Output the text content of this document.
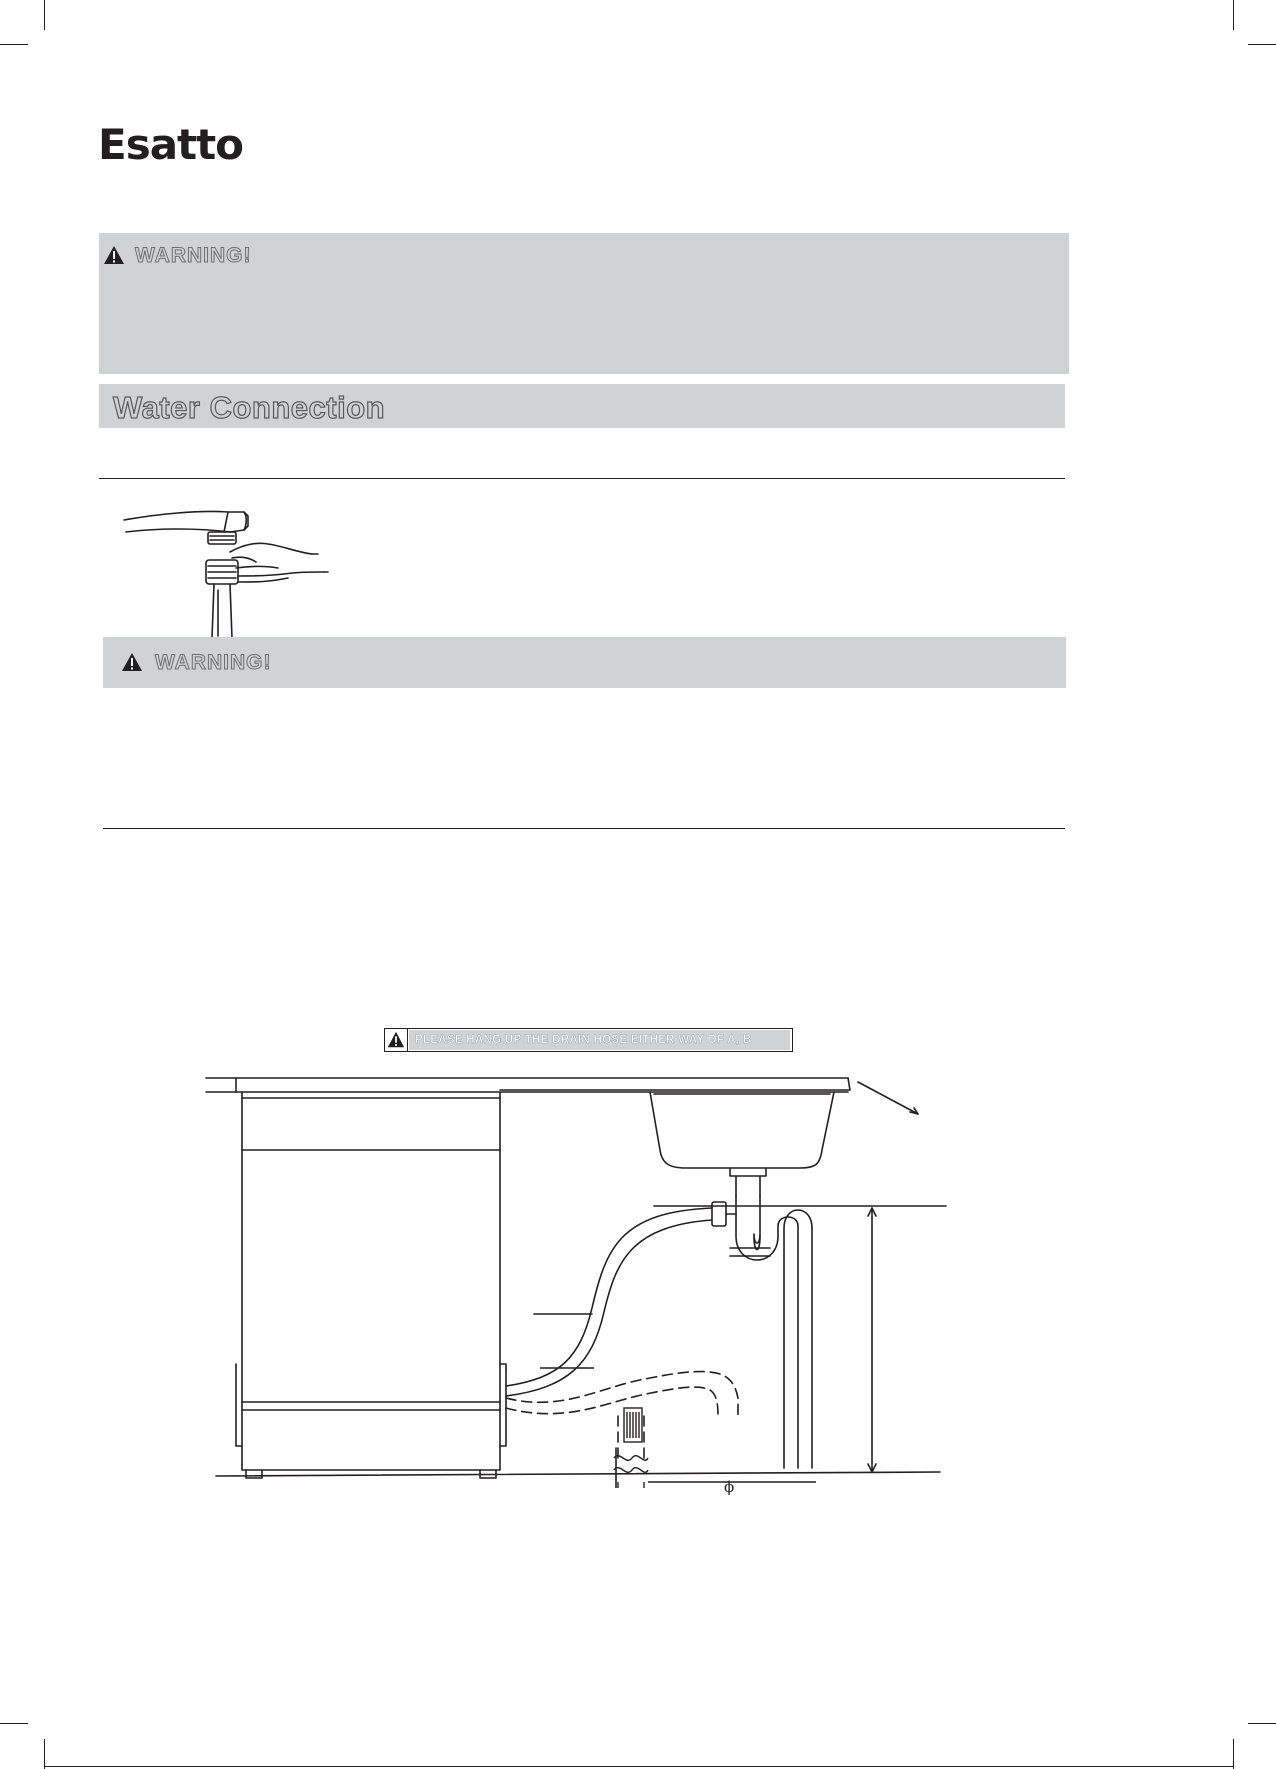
Esatto
WARNING!
Water Connection
WARNING!
PLEASE HANG UP THE DRAIN HOSE EITHER WAY OF A, B
ϕ
